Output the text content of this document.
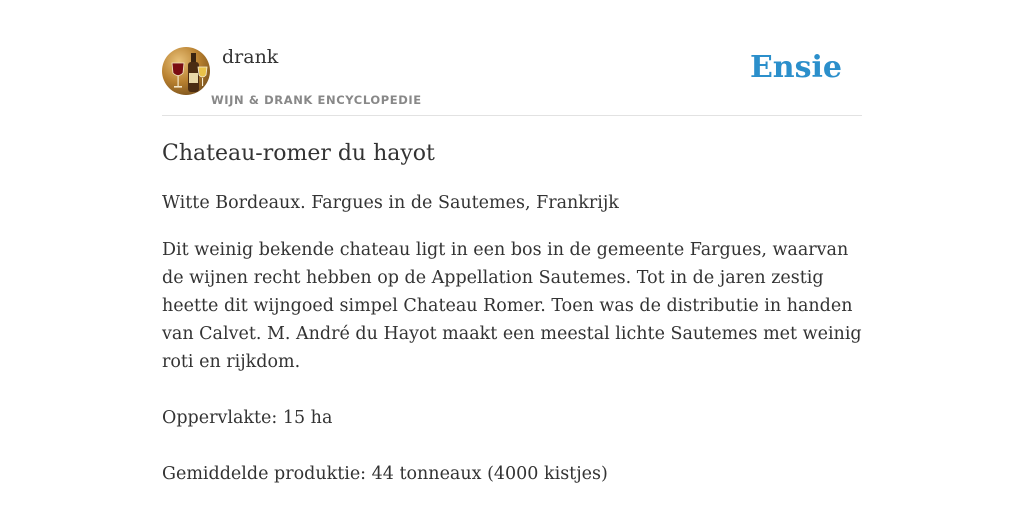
drank
WIJN & DRANK ENCYCLOPEDIE
Ensie
Chateau-romer du hayot

Witte Bordeaux. Fargues in de Sautemes, Frankrijk

Dit weinig bekende chateau ligt in een bos in de gemeente Fargues, waarvan de wijnen recht hebben op de Appellation Sautemes. Tot in de jaren zestig heette dit wijngoed simpel Chateau Romer. Toen was de distributie in handen van Calvet. M. André du Hayot maakt een meestal lichte Sautemes met weinig roti en rijkdom.

Oppervlakte: 15 ha

Gemiddelde produktie: 44 tonneaux (4000 kistjes)
